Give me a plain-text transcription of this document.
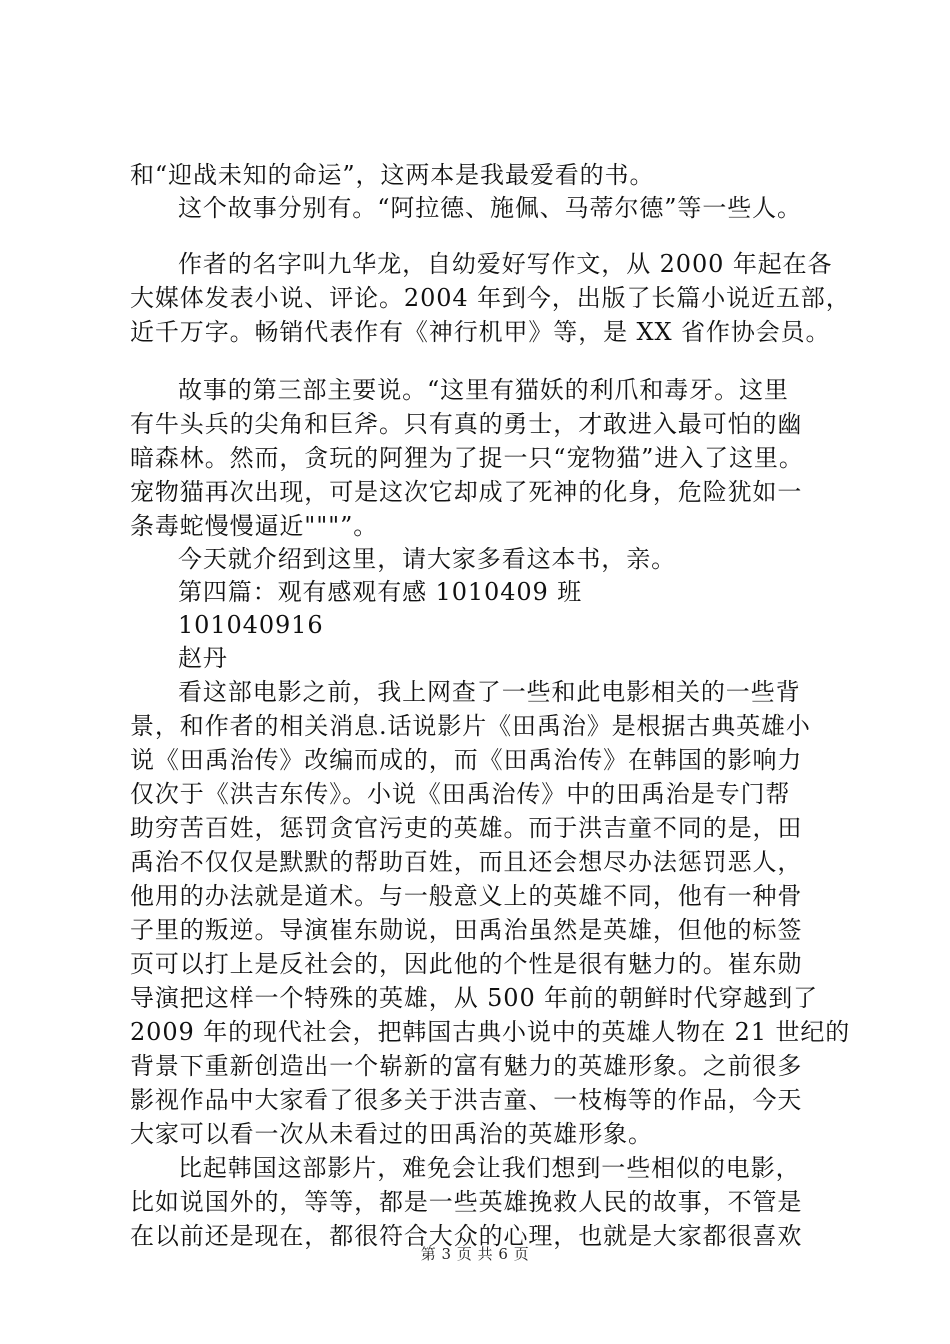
和“迎战未知的命运”，这两本是我最爱看的书。
这个故事分别有。“阿拉德、施佩、马蒂尔德”等一些人。
作者的名字叫九华龙，自幼爱好写作文，从 2000 年起在各
大媒体发表小说、评论。2004 年到今，出版了长篇小说近五部，
近千万字。畅销代表作有《神行机甲》等，是 XX 省作协会员。
故事的第三部主要说。“这里有猫妖的利爪和毒牙。这里
有牛头兵的尖角和巨斧。只有真的勇士，才敢进入最可怕的幽
暗森林。然而，贪玩的阿狸为了捉一只“宠物猫”进入了这里。
宠物猫再次出现，可是这次它却成了死神的化身，危险犹如一
条毒蛇慢慢逼近"""”。
今天就介绍到这里，请大家多看这本书，亲。
第四篇：观有感观有感 1010409 班
101040916
赵丹
看这部电影之前，我上网查了一些和此电影相关的一些背
景，和作者的相关消息.话说影片《田禹治》是根据古典英雄小
说《田禹治传》改编而成的，而《田禹治传》在韩国的影响力
仅次于《洪吉东传》。小说《田禹治传》中的田禹治是专门帮
助穷苦百姓，惩罚贪官污吏的英雄。而于洪吉童不同的是，田
禹治不仅仅是默默的帮助百姓，而且还会想尽办法惩罚恶人，
他用的办法就是道术。与一般意义上的英雄不同，他有一种骨
子里的叛逆。导演崔东勋说，田禹治虽然是英雄，但他的标签
页可以打上是反社会的，因此他的个性是很有魅力的。崔东勋
导演把这样一个特殊的英雄，从 500 年前的朝鲜时代穿越到了
2009 年的现代社会，把韩国古典小说中的英雄人物在 21 世纪的
背景下重新创造出一个崭新的富有魅力的英雄形象。之前很多
影视作品中大家看了很多关于洪吉童、一枝梅等的作品，今天
大家可以看一次从未看过的田禹治的英雄形象。
比起韩国这部影片，难免会让我们想到一些相似的电影，
比如说国外的，等等，都是一些英雄挽救人民的故事，不管是
在以前还是现在，都很符合大众的心理，也就是大家都很喜欢
第 3 页 共 6 页
